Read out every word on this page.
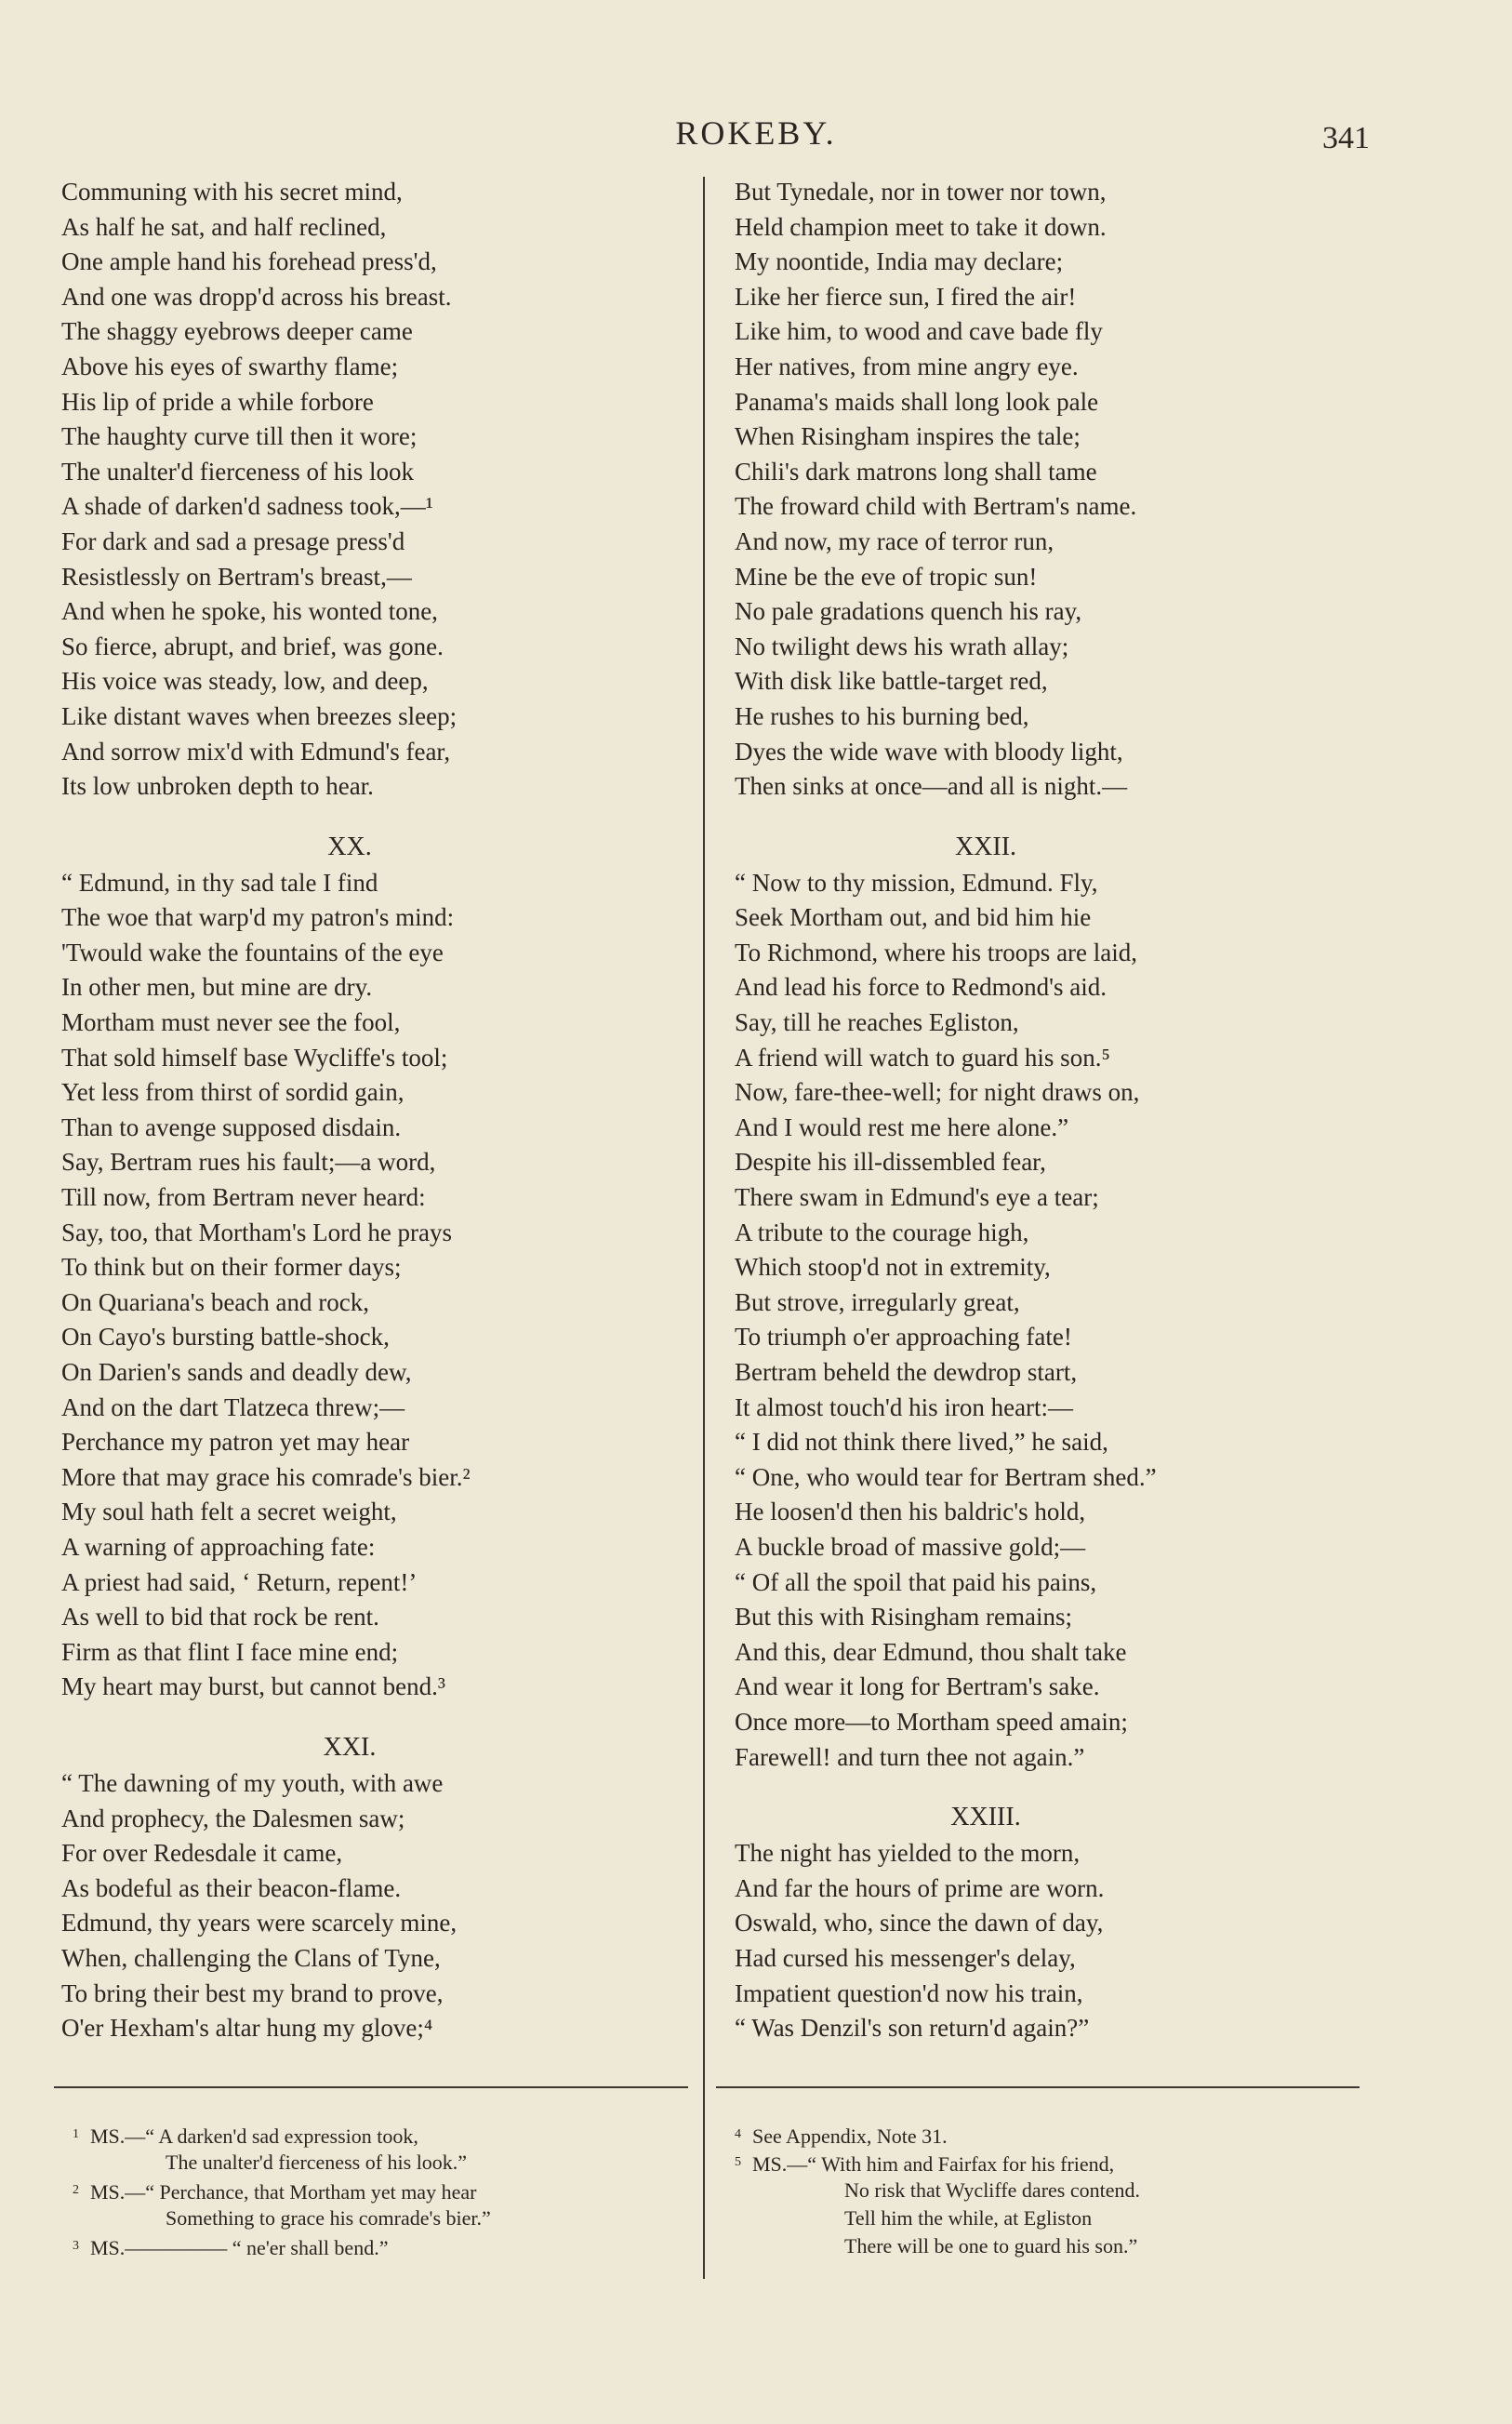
ROKEBY.	341
Communing with his secret mind,
As half he sat, and half reclined,
One ample hand his forehead press'd,
And one was dropp'd across his breast.
The shaggy eyebrows deeper came
Above his eyes of swarthy flame;
His lip of pride a while forbore
The haughty curve till then it wore;
The unalter'd fierceness of his look
A shade of darken'd sadness took,—¹
For dark and sad a presage press'd
Resistlessly on Bertram's breast,—
And when he spoke, his wonted tone,
So fierce, abrupt, and brief, was gone.
His voice was steady, low, and deep,
Like distant waves when breezes sleep;
And sorrow mix'd with Edmund's fear,
Its low unbroken depth to hear.
XX.
“ Edmund, in thy sad tale I find
The woe that warp'd my patron's mind:
'Twould wake the fountains of the eye
In other men, but mine are dry.
Mortham must never see the fool,
That sold himself base Wycliffe's tool;
Yet less from thirst of sordid gain,
Than to avenge supposed disdain.
Say, Bertram rues his fault;—a word,
Till now, from Bertram never heard:
Say, too, that Mortham's Lord he prays
To think but on their former days;
On Quariana's beach and rock,
On Cayo's bursting battle-shock,
On Darien's sands and deadly dew,
And on the dart Tlatzeca threw;—
Perchance my patron yet may hear
More that may grace his comrade's bier.²
My soul hath felt a secret weight,
A warning of approaching fate:
A priest had said, ‘ Return, repent!’
As well to bid that rock be rent.
Firm as that flint I face mine end;
My heart may burst, but cannot bend.³
XXI.
“ The dawning of my youth, with awe
And prophecy, the Dalesmen saw;
For over Redesdale it came,
As bodeful as their beacon-flame.
Edmund, thy years were scarcely mine,
When, challenging the Clans of Tyne,
To bring their best my brand to prove,
O'er Hexham's altar hung my glove;⁴
But Tynedale, nor in tower nor town,
Held champion meet to take it down.
My noontide, India may declare;
Like her fierce sun, I fired the air!
Like him, to wood and cave bade fly
Her natives, from mine angry eye.
Panama's maids shall long look pale
When Risingham inspires the tale;
Chili's dark matrons long shall tame
The froward child with Bertram's name.
And now, my race of terror run,
Mine be the eve of tropic sun!
No pale gradations quench his ray,
No twilight dews his wrath allay;
With disk like battle-target red,
He rushes to his burning bed,
Dyes the wide wave with bloody light,
Then sinks at once—and all is night.—
XXII.
“ Now to thy mission, Edmund. Fly,
Seek Mortham out, and bid him hie
To Richmond, where his troops are laid,
And lead his force to Redmond's aid.
Say, till he reaches Egliston,
A friend will watch to guard his son.⁵
Now, fare-thee-well; for night draws on,
And I would rest me here alone.”
Despite his ill-dissembled fear,
There swam in Edmund's eye a tear;
A tribute to the courage high,
Which stoop'd not in extremity,
But strove, irregularly great,
To triumph o'er approaching fate!
Bertram beheld the dewdrop start,
It almost touch'd his iron heart:—
“ I did not think there lived,” he said,
“ One, who would tear for Bertram shed.”
He loosen'd then his baldric's hold,
A buckle broad of massive gold;—
“ Of all the spoil that paid his pains,
But this with Risingham remains;
And this, dear Edmund, thou shalt take
And wear it long for Bertram's sake.
Once more—to Mortham speed amain;
Farewell! and turn thee not again.”
XXIII.
The night has yielded to the morn,
And far the hours of prime are worn.
Oswald, who, since the dawn of day,
Had cursed his messenger's delay,
Impatient question'd now his train,
“ Was Denzil's son return'd again?”
$^1$ MS.—“ A darken'd sad expression took,
The unalter'd fierceness of his look.”
$^2$ MS.—“ Perchance, that Mortham yet may hear
Something to grace his comrade's bier.”
$^3$ MS.————— “ ne'er shall bend.”
$^4$ See Appendix, Note 31.
$^5$ MS.—“ With him and Fairfax for his friend,
No risk that Wycliffe dares contend.
Tell him the while, at Egliston
There will be one to guard his son.”
